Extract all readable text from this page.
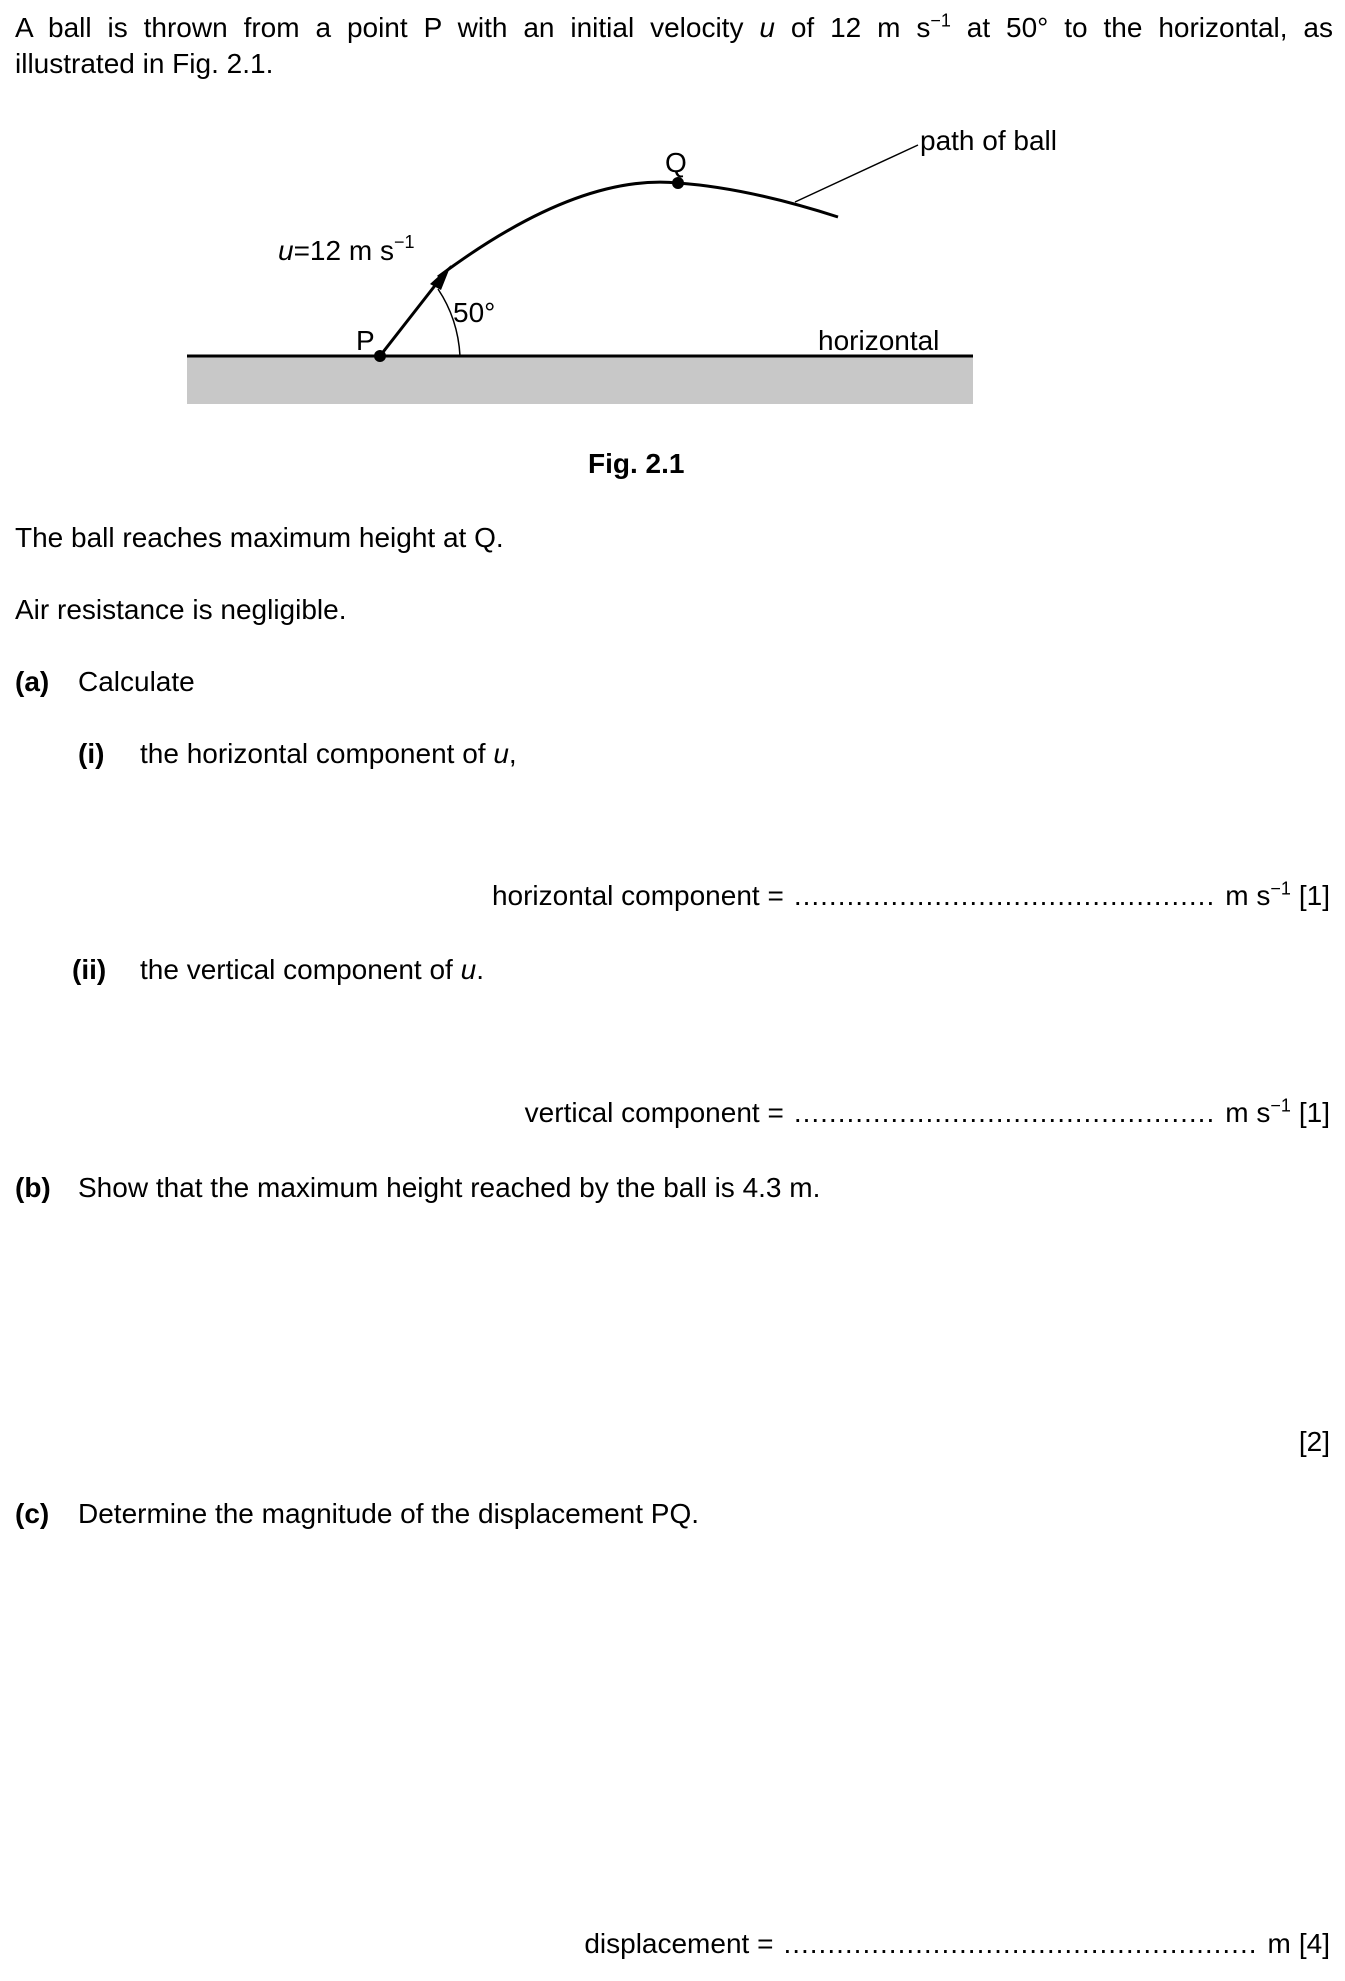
A ball is thrown from a point P with an initial velocity u of 12 m $s^{-1}$ at 50° to the horizontal, as
illustrated in Fig. 2.1.
path of ball
Q
u=12 m $s^{-1}$
50°
P	horizontal
Fig. 2.1
The ball reaches maximum height at Q.
Air resistance is negligible.
(a) Calculate
(i) the horizontal component of u,
horizontal component = ................................................ m $s^{-1}$ [1]
(ii) the vertical component of u.
vertical component = ................................................ m $s^{-1}$ [1]
(b) Show that the maximum height reached by the ball is 4.3 m.
[2]
(c) Determine the magnitude of the displacement PQ.
displacement = ...................................................... m [4]
